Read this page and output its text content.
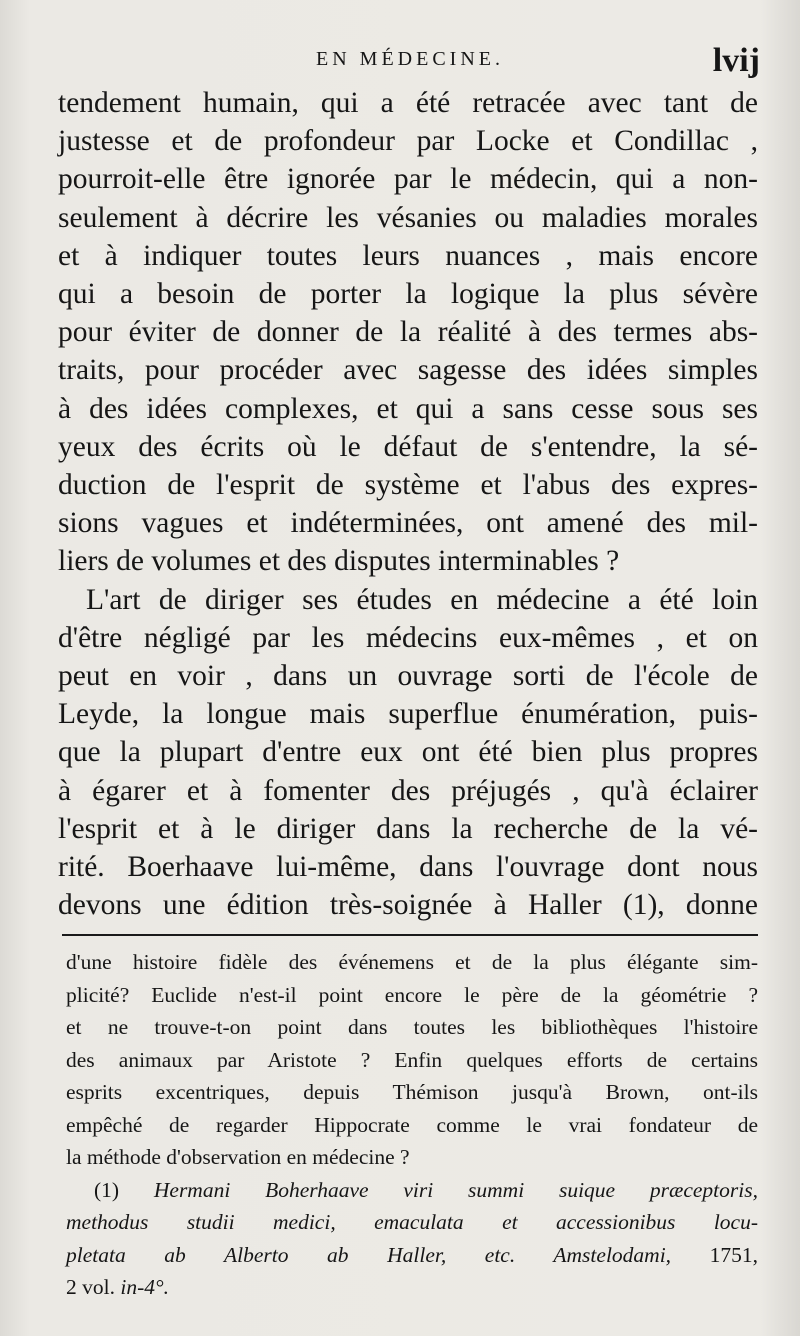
EN MÉDECINE.	lvij
tendement humain, qui a été retracée avec tant de
justesse et de profondeur par Locke et Condillac ,
pourroit-elle être ignorée par le médecin, qui a non-
seulement à décrire les vésanies ou maladies morales
et à indiquer toutes leurs nuances , mais encore
qui a besoin de porter la logique la plus sévère
pour éviter de donner de la réalité à des termes abs-
traits, pour procéder avec sagesse des idées simples
à des idées complexes, et qui a sans cesse sous ses
yeux des écrits où le défaut de s'entendre, la sé-
duction de l'esprit de système et l'abus des expres-
sions vagues et indéterminées, ont amené des mil-
liers de volumes et des disputes interminables ?
L'art de diriger ses études en médecine a été loin
d'être négligé par les médecins eux-mêmes , et on
peut en voir , dans un ouvrage sorti de l'école de
Leyde, la longue mais superflue énumération, puis-
que la plupart d'entre eux ont été bien plus propres
à égarer et à fomenter des préjugés , qu'à éclairer
l'esprit et à le diriger dans la recherche de la vé-
rité. Boerhaave lui-même, dans l'ouvrage dont nous
devons une édition très-soignée à Haller (1), donne
d'une histoire fidèle des événemens et de la plus élégante sim-
plicité? Euclide n'est-il point encore le père de la géométrie ?
et ne trouve-t-on point dans toutes les bibliothèques l'histoire
des animaux par Aristote ? Enfin quelques efforts de certains
esprits excentriques, depuis Thémison jusqu'à Brown, ont-ils
empêché de regarder Hippocrate comme le vrai fondateur de
la méthode d'observation en médecine ?
(1) Hermani Boherhaave viri summi suique præceptoris,
methodus studii medici, emaculata et accessionibus locu-
pletata ab Alberto ab Haller, etc. Amstelodami, 1751,
2 vol. in-4°.
